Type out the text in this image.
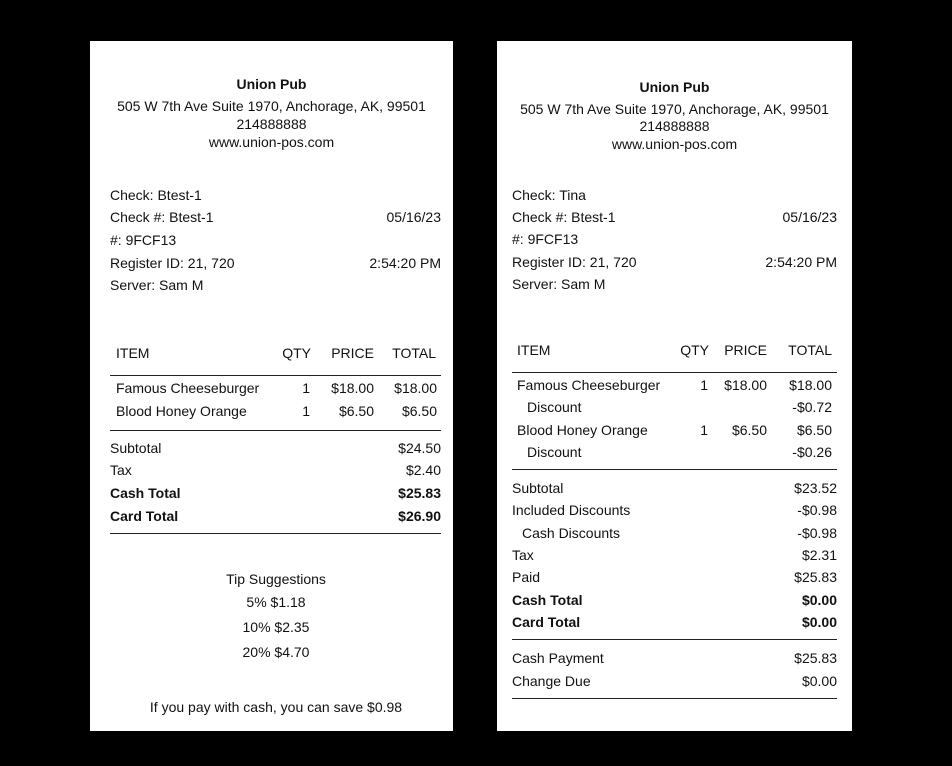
Union Pub
505 W 7th Ave Suite 1970, Anchorage, AK, 99501
214888888
www.union-pos.com
Check: Btest-1
Check #: Btest-1	05/16/23
#: 9FCF13
Register ID: 21, 720	2:54:20 PM
Server: Sam M
ITEM	QTY PRICE TOTAL
Famous Cheeseburger	1 $18.00 $18.00
Blood Honey Orange	1 $6.50 $6.50
Subtotal	$24.50
Tax	$2.40
Cash Total	$25.83
Card Total	$26.90
Tip Suggestions
5% $1.18
10% $2.35
20% $4.70
If you pay with cash, you can save $0.98
Union Pub
505 W 7th Ave Suite 1970, Anchorage, AK, 99501
214888888
www.union-pos.com
Check: Tina
Check #: Btest-1	05/16/23
#: 9FCF13
Register ID: 21, 720	2:54:20 PM
Server: Sam M
ITEM	QTY PRICE TOTAL
Famous Cheeseburger	1 $18.00 $18.00
Discount	-$0.72
Blood Honey Orange	1 $6.50 $6.50
Discount	-$0.26
Subtotal	$23.52
Included Discounts	-$0.98
Cash Discounts	-$0.98
Tax	$2.31
Paid	$25.83
Cash Total	$0.00
Card Total	$0.00
Cash Payment	$25.83
Change Due	$0.00
